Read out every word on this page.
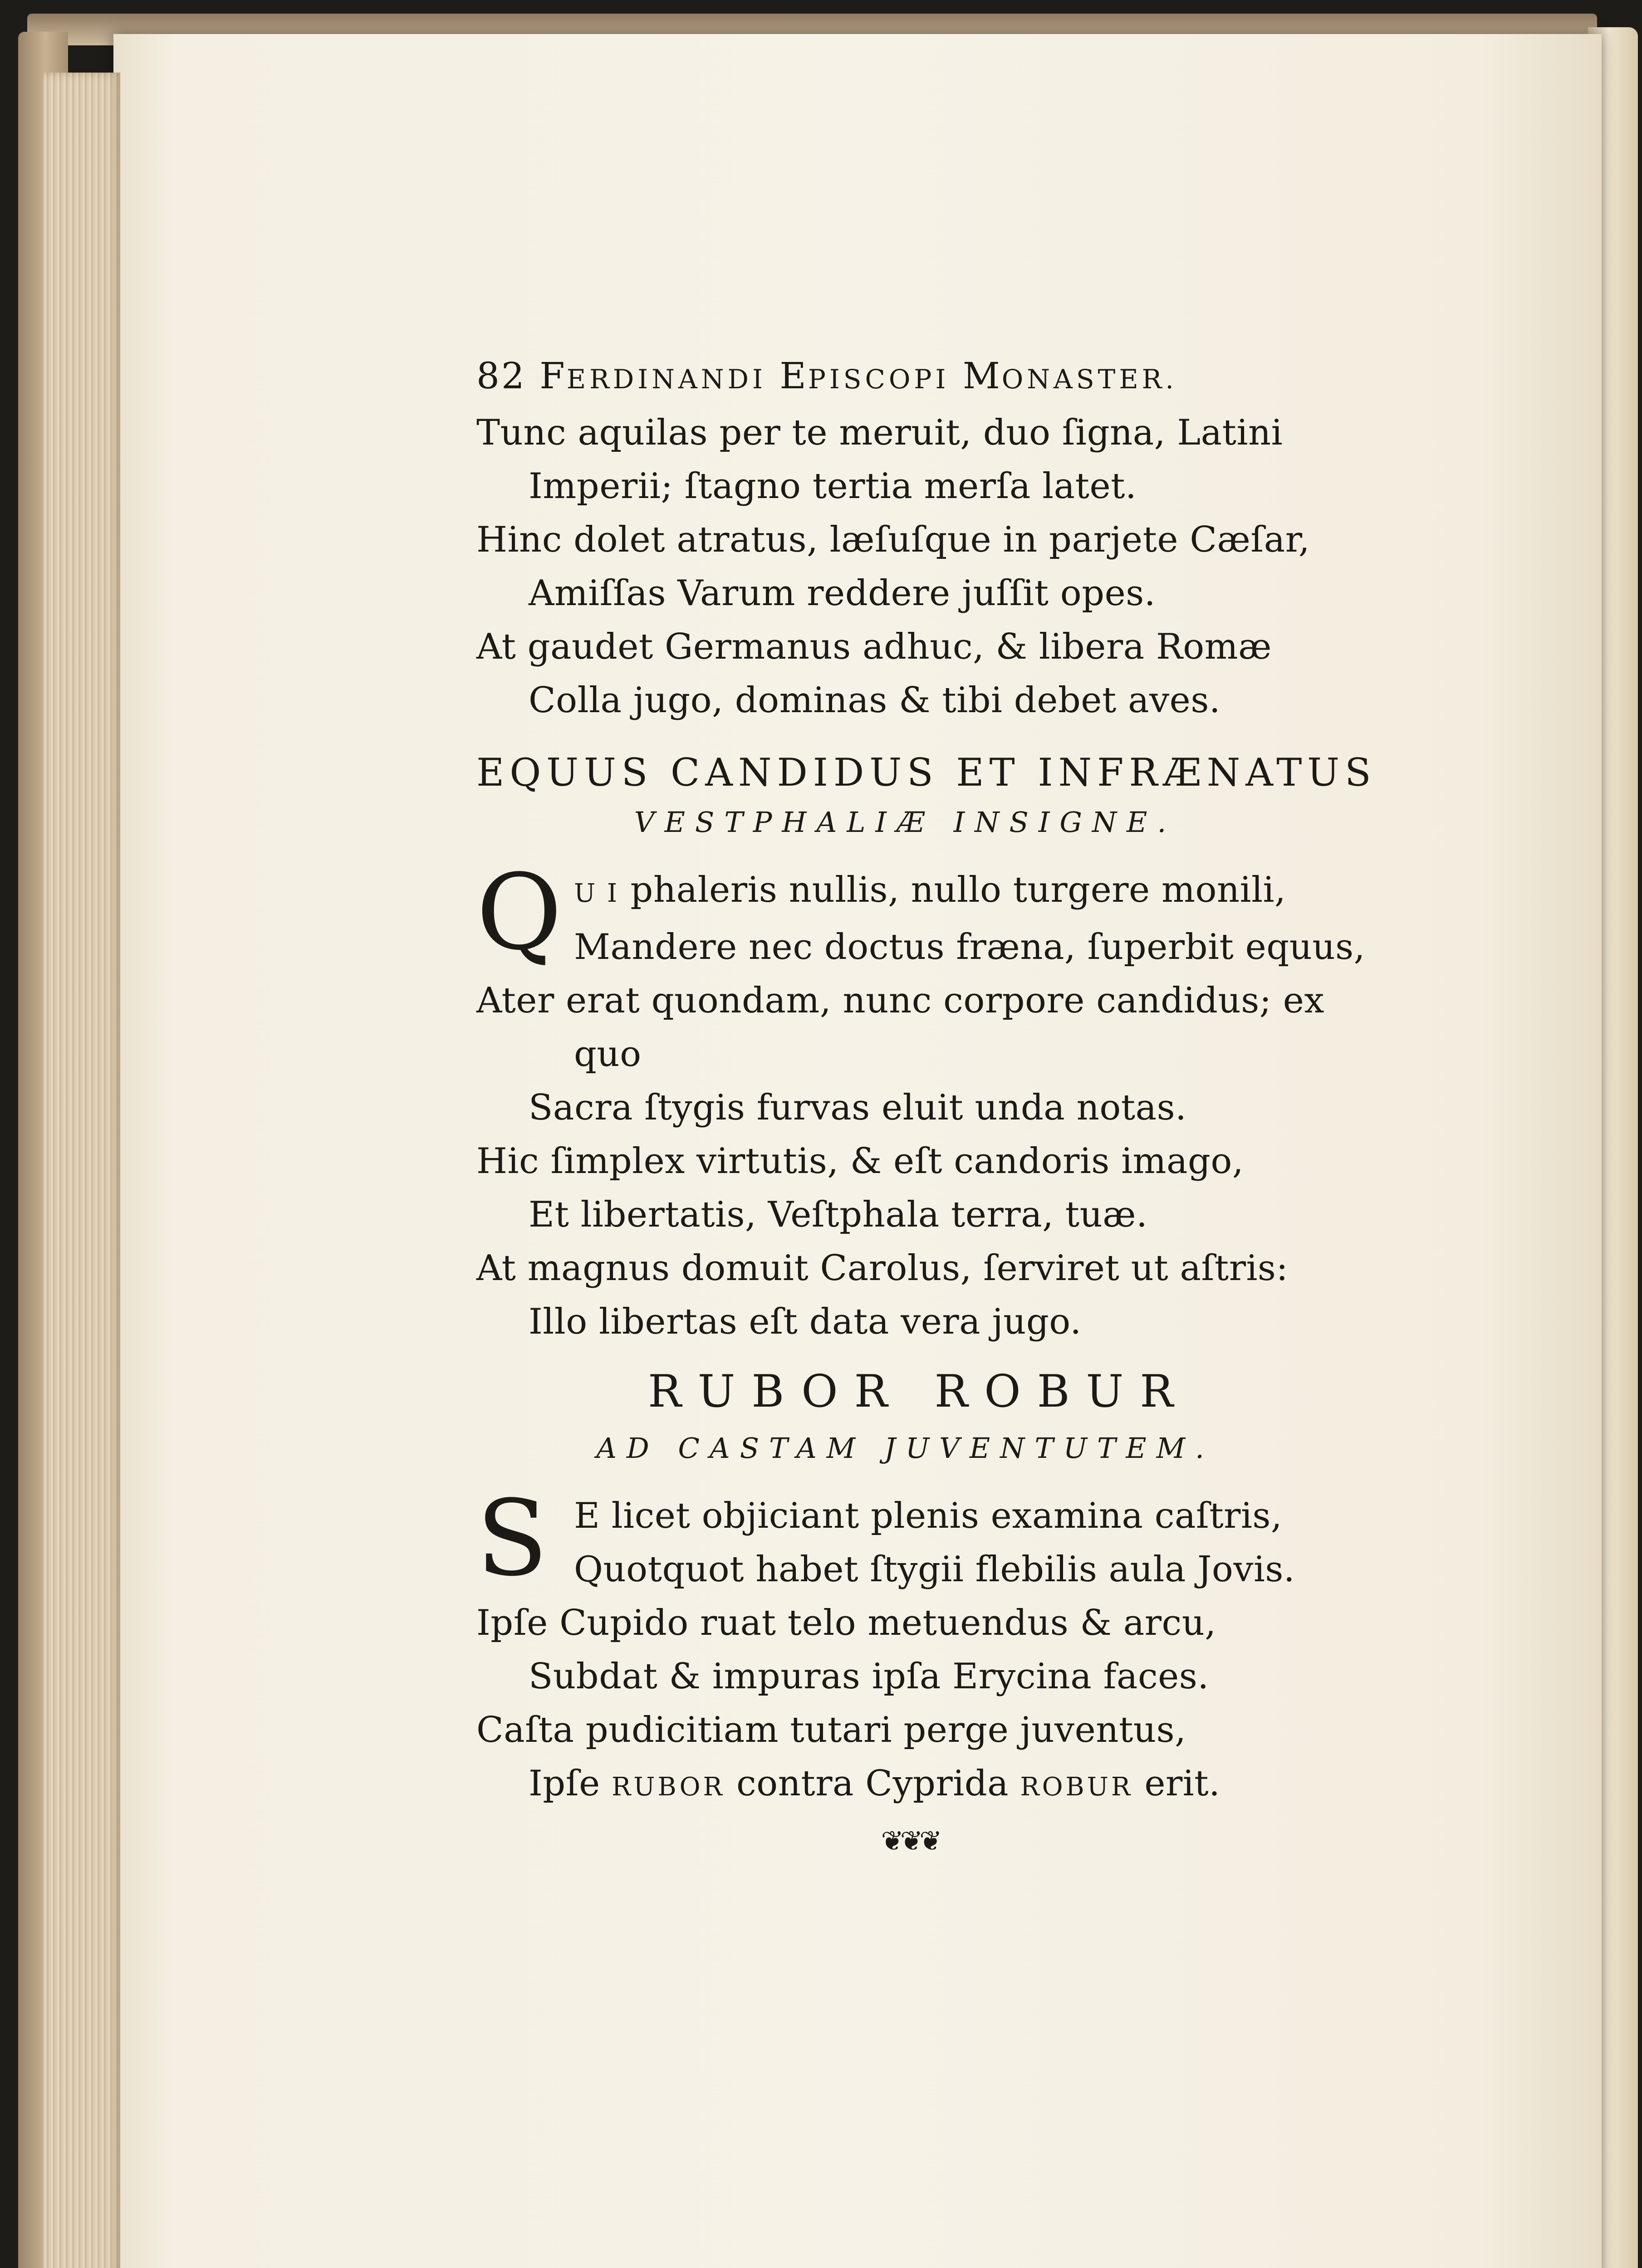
82 FERDINANDI EPISCOPI MONASTER.
Tunc aquilas per te meruit, duo ſigna, Latini
Imperii; ſtagno tertia merſa latet.
Hinc dolet atratus, læſuſque in parjete Cæſar,
Amiſſas Varum reddere juſſit opes.
At gaudet Germanus adhuc, & libera Romæ
Colla jugo, dominas & tibi debet aves.
EQUUS CANDIDUS ET INFRÆNATUS
VESTPHALIÆ INSIGNE.
Q U I phaleris nullis, nullo turgere monili,
Mandere nec doctus fræna, ſuperbit equus,
Ater erat quondam, nunc corpore candidus; ex
quo
Sacra ſtygis furvas eluit unda notas.
Hic ſimplex virtutis, & eſt candoris imago,
Et libertatis, Veſtphala terra, tuæ.
At magnus domuit Carolus, ſerviret ut aſtris:
Illo libertas eſt data vera jugo.
RUBOR ROBUR
AD CASTAM JUVENTUTEM.
S E licet objiciant plenis examina caſtris,
Quotquot habet ſtygii flebilis aula Jovis.
Ipſe Cupido ruat telo metuendus & arcu,
Subdat & impuras ipſa Erycina faces.
Caſta pudicitiam tutari perge juventus,
Ipſe RUBOR contra Cyprida ROBUR erit.
❦❦❦
